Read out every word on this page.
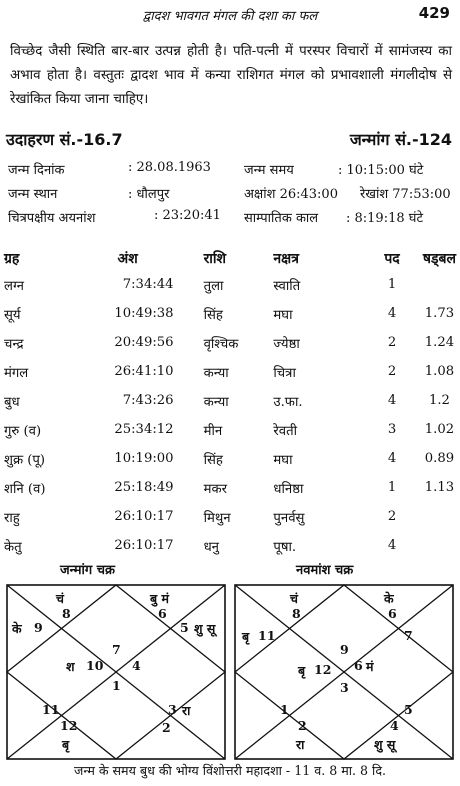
द्वादश भावगत मंगल की दशा का फल	429
विच्छेद जैसी स्थिति बार-बार उत्पन्न होती है। पति-पत्नी में परस्पर विचारों में सामंजस्य का अभाव होता है। वस्तुतः द्वादश भाव में कन्या राशिगत मंगल को प्रभावशाली मंगलीदोष से रेखांकित किया जाना चाहिए।
उदाहरण सं.-16.7	जन्मांग सं.-124
जन्म दिनांक	: 28.08.1963	जन्म समय	: 10:15:00 घंटे
जन्म स्थान	: धौलपुर	अक्षांश 26:43:00 रेखांश 77:53:00
चित्रपक्षीय अयनांश	: 23:20:41 साम्पातिक काल : 8:19:18 घंटे
ग्रह	अंश	राशि	नक्षत्र	पद	षड्बल
लग्न	7:34:44	तुला	स्वाति	1	
सूर्य	10:49:38	सिंह	मघा	4	1.73
चन्द्र	20:49:56	वृश्चिक	ज्येष्ठा	2	1.24
मंगल	26:41:10	कन्या	चित्रा	2	1.08
बुध	7:43:26	कन्या	उ.फा.	4	1.2
गुरु (व)	25:34:12	मीन	रेवती	3	1.02
शुक्र (पू)	10:19:00	सिंह	मघा	4	0.89
शनि (व)	25:18:49	मकर	धनिष्ठा	1	1.13
राहु	26:10:17	मिथुन	पुनर्वसु	2	
केतु	26:10:17	धनु	पूषा.	4	
जन्मांग चक्र	नवमांश चक्र
चं
8
बु मं
6
के 9	5 शु सू
7
श 10 4
1
11	3 रा
12
बृ
2
चं
8
के
6
बृ 11	7
9
बृ 12 6 मं
3
1	5
2
रा
4
शु सू
जन्म के समय बुध की भोग्य विंशोत्तरी महादशा - 11 व. 8 मा. 8 दि.
